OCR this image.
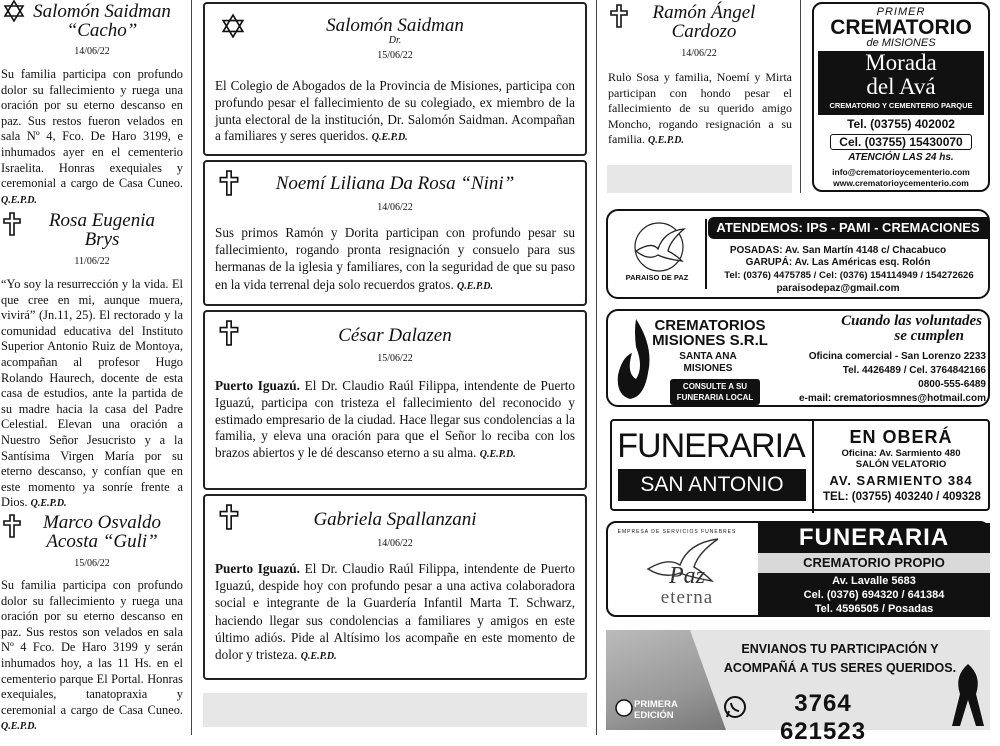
Salomón Saidman
“Cacho”
14/06/22
Su familia participa con profundo dolor su fallecimiento y ruega una oración por su eterno descanso en paz. Sus restos fueron velados en sala Nº 4, Fco. De Haro 3199, e inhumados ayer en el cementerio Israelita. Honras exequiales y ceremonial a cargo de Casa Cuneo. Q.E.P.D.
Rosa Eugenia
Brys
11/06/22
“Yo soy la resurrección y la vida. El que cree en mi, aunque muera, vivirá” (Jn.11, 25). El rectorado y la comunidad educativa del Instituto Superior Antonio Ruiz de Montoya, acompañan al profesor Hugo Rolando Haurech, docente de esta casa de estudios, ante la partida de su madre hacia la casa del Padre Celestial. Elevan una oración a Nuestro Señor Jesucristo y a la Santísima Virgen María por su eterno descanso, y confían que en este momento ya sonríe frente a Dios. Q.E.P.D.
Marco Osvaldo
Acosta “Guli”
15/06/22
Su familia participa con profundo dolor su fallecimiento y ruega una oración por su eterno descanso en paz. Sus restos son velados en sala Nº 4 Fco. De Haro 3199 y serán inhumados hoy, a las 11 Hs. en el cementerio parque El Portal. Honras exequiales, tanatopraxia y ceremonial a cargo de Casa Cuneo. Q.E.P.D.
Salomón Saidman
Dr.
15/06/22
El Colegio de Abogados de la Provincia de Misiones, participa con profundo pesar el fallecimiento de su colegiado, ex miembro de la junta electoral de la institución, Dr. Salomón Saidman. Acompañan a familiares y seres queridos. Q.E.P.D.
Noemí Liliana Da Rosa “Nini”
14/06/22
Sus primos Ramón y Dorita participan con profundo pesar su fallecimiento, rogando pronta resignación y consuelo para sus hermanas de la iglesia y familiares, con la seguridad de que su paso en la vida terrenal deja solo recuerdos gratos. Q.E.P.D.
César Dalazen
15/06/22
Puerto Iguazú. El Dr. Claudio Raúl Filippa, intendente de Puerto Iguazú, participa con tristeza el fallecimiento del reconocido y estimado empresario de la ciudad. Hace llegar sus condolencias a la familia, y eleva una oración para que el Señor lo reciba con los brazos abiertos y le dé descanso eterno a su alma. Q.E.P.D.
Gabriela Spallanzani
14/06/22
Puerto Iguazú. El Dr. Claudio Raúl Filippa, intendente de Puerto Iguazú, despide hoy con profundo pesar a una activa colaboradora social e integrante de la Guardería Infantil Marta T. Schwarz, haciendo llegar sus condolencias a familiares y amigos en este último adiós. Pide al Altísimo los acompañe en este momento de dolor y tristeza. Q.E.P.D.
Ramón Ángel
Cardozo
14/06/22
Rulo Sosa y familia, Noemí y Mirta participan con hondo pesar el fallecimiento de su querido amigo Moncho, rogando resignación a su familia. Q.E.P.D.
PRIMER
CREMATORIO
de MISIONES
Morada
del Avá
CREMATORIO Y CEMENTERIO PARQUE
Tel. (03755) 402002
Cel. (03755) 15430070
ATENCIÓN LAS 24 hs.
info@crematorioycementerio.com
www.crematorioycementerio.com
PARAISO DE PAZ
ATENDEMOS: IPS - PAMI - CREMACIONES
POSADAS: Av. San Martín 4148 c/ Chacabuco
GARUPÁ: Av. Las Américas esq. Rolón
Tel: (0376) 4475785 / Cel: (0376) 154114949 / 154272626
paraisodepaz@gmail.com
CREMATORIOS
MISIONES S.R.L
SANTA ANA
MISIONES
CONSULTE A SU FUNERARIA LOCAL
Cuando las voluntades
se cumplen
Oficina comercial - San Lorenzo 2233
Tel. 4426489 / Cel. 3764842166
0800-555-6489
e-mail: crematoriosmnes@hotmail.com
FUNERARIA
SAN ANTONIO
EN OBERÁ
Oficina: Av. Sarmiento 480
SALÓN VELATORIO
AV. SARMIENTO 384
TEL: (03755) 403240 / 409328
EMPRESA DE SERVICIOS FUNEBRES
Paz
eterna
FUNERARIA
CREMATORIO PROPIO
Av. Lavalle 5683
Cel. (0376) 694320 / 641384
Tel. 4596505 / Posadas
ENVIANOS TU PARTICIPACIÓN Y
ACOMPAÑÁ A TUS SERES QUERIDOS.
3764 621523
PRIMERA
EDICIÓN
